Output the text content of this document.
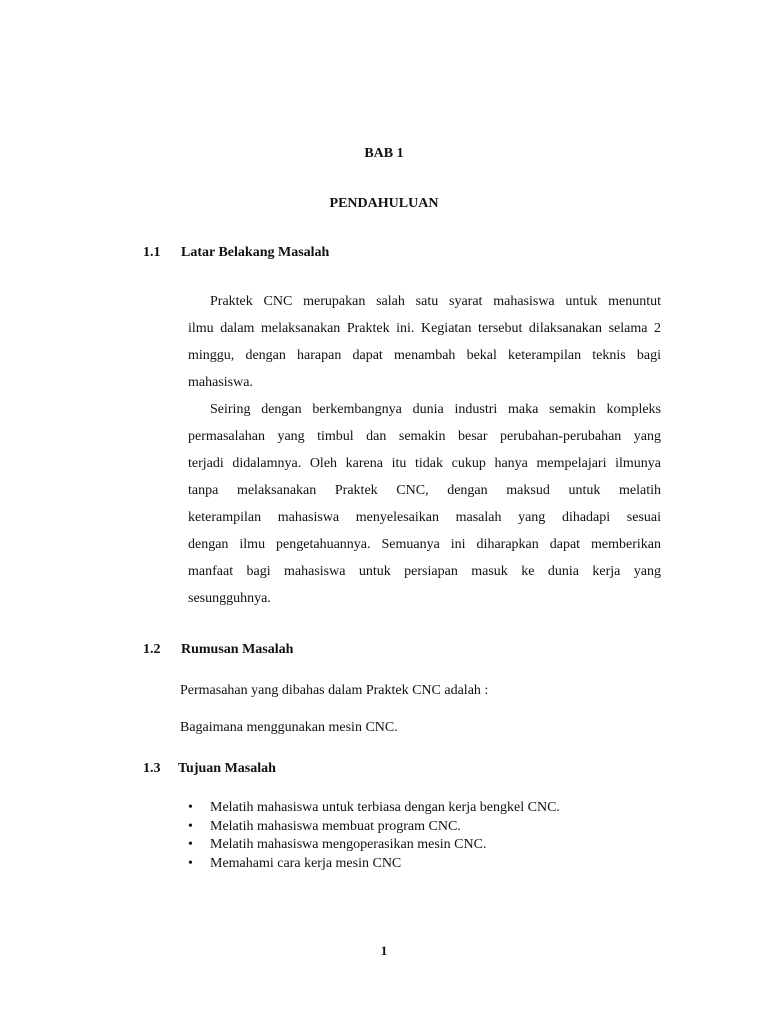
BAB 1
PENDAHULUAN
1.1 Latar Belakang Masalah
Praktek CNC merupakan salah satu syarat mahasiswa untuk menuntut
ilmu dalam melaksanakan Praktek ini. Kegiatan tersebut dilaksanakan selama 2
minggu, dengan harapan dapat menambah bekal keterampilan teknis bagi
mahasiswa.
Seiring dengan berkembangnya dunia industri maka semakin kompleks
permasalahan yang timbul dan semakin besar perubahan-perubahan yang
terjadi didalamnya. Oleh karena itu tidak cukup hanya mempelajari ilmunya
tanpa melaksanakan Praktek CNC, dengan maksud untuk melatih
keterampilan mahasiswa menyelesaikan masalah yang dihadapi sesuai
dengan ilmu pengetahuannya. Semuanya ini diharapkan dapat memberikan
manfaat bagi mahasiswa untuk persiapan masuk ke dunia kerja yang
sesungguhnya.
1.2 Rumusan Masalah
Permasahan yang dibahas dalam Praktek CNC adalah :
Bagaimana menggunakan mesin CNC.
1.3 Tujuan Masalah
• Melatih mahasiswa untuk terbiasa dengan kerja bengkel CNC.
• Melatih mahasiswa membuat program CNC.
• Melatih mahasiswa mengoperasikan mesin CNC.
• Memahami cara kerja mesin CNC
1
